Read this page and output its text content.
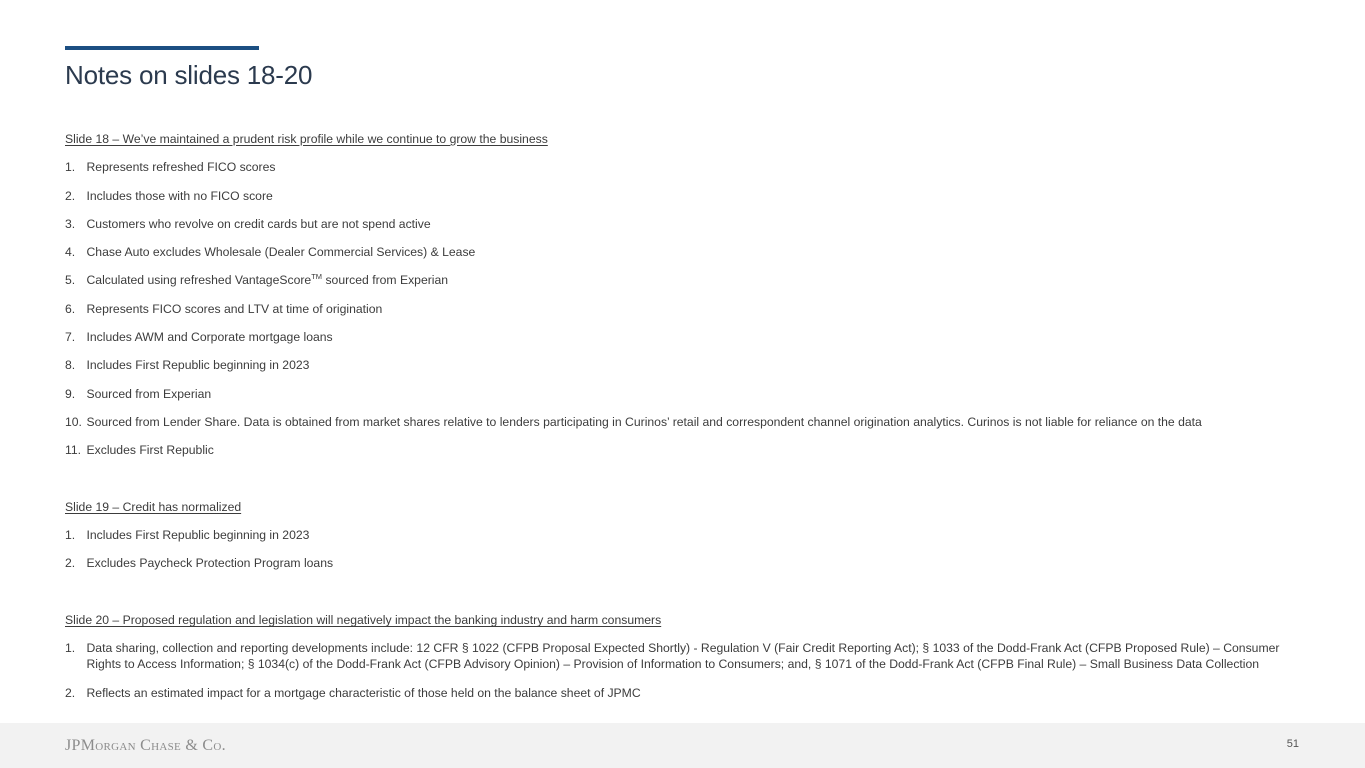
Notes on slides 18-20

Slide 18 – We’ve maintained a prudent risk profile while we continue to grow the business

1. Represents refreshed FICO scores
2. Includes those with no FICO score
3. Customers who revolve on credit cards but are not spend active
4. Chase Auto excludes Wholesale (Dealer Commercial Services) & Lease
5. Calculated using refreshed VantageScore™ sourced from Experian
6. Represents FICO scores and LTV at time of origination
7. Includes AWM and Corporate mortgage loans
8. Includes First Republic beginning in 2023
9. Sourced from Experian
10. Sourced from Lender Share. Data is obtained from market shares relative to lenders participating in Curinos’ retail and correspondent channel origination analytics. Curinos is not liable for reliance on the data
11. Excludes First Republic

Slide 19 – Credit has normalized

1. Includes First Republic beginning in 2023
2. Excludes Paycheck Protection Program loans

Slide 20 – Proposed regulation and legislation will negatively impact the banking industry and harm consumers

1. Data sharing, collection and reporting developments include: 12 CFR § 1022 (CFPB Proposal Expected Shortly) - Regulation V (Fair Credit Reporting Act); § 1033 of the Dodd-Frank Act (CFPB Proposed Rule) – Consumer Rights to Access Information; § 1034(c) of the Dodd-Frank Act (CFPB Advisory Opinion) – Provision of Information to Consumers; and, § 1071 of the Dodd-Frank Act (CFPB Final Rule) – Small Business Data Collection
2. Reflects an estimated impact for a mortgage characteristic of those held on the balance sheet of JPMC
JPMorgan Chase & Co.	51
